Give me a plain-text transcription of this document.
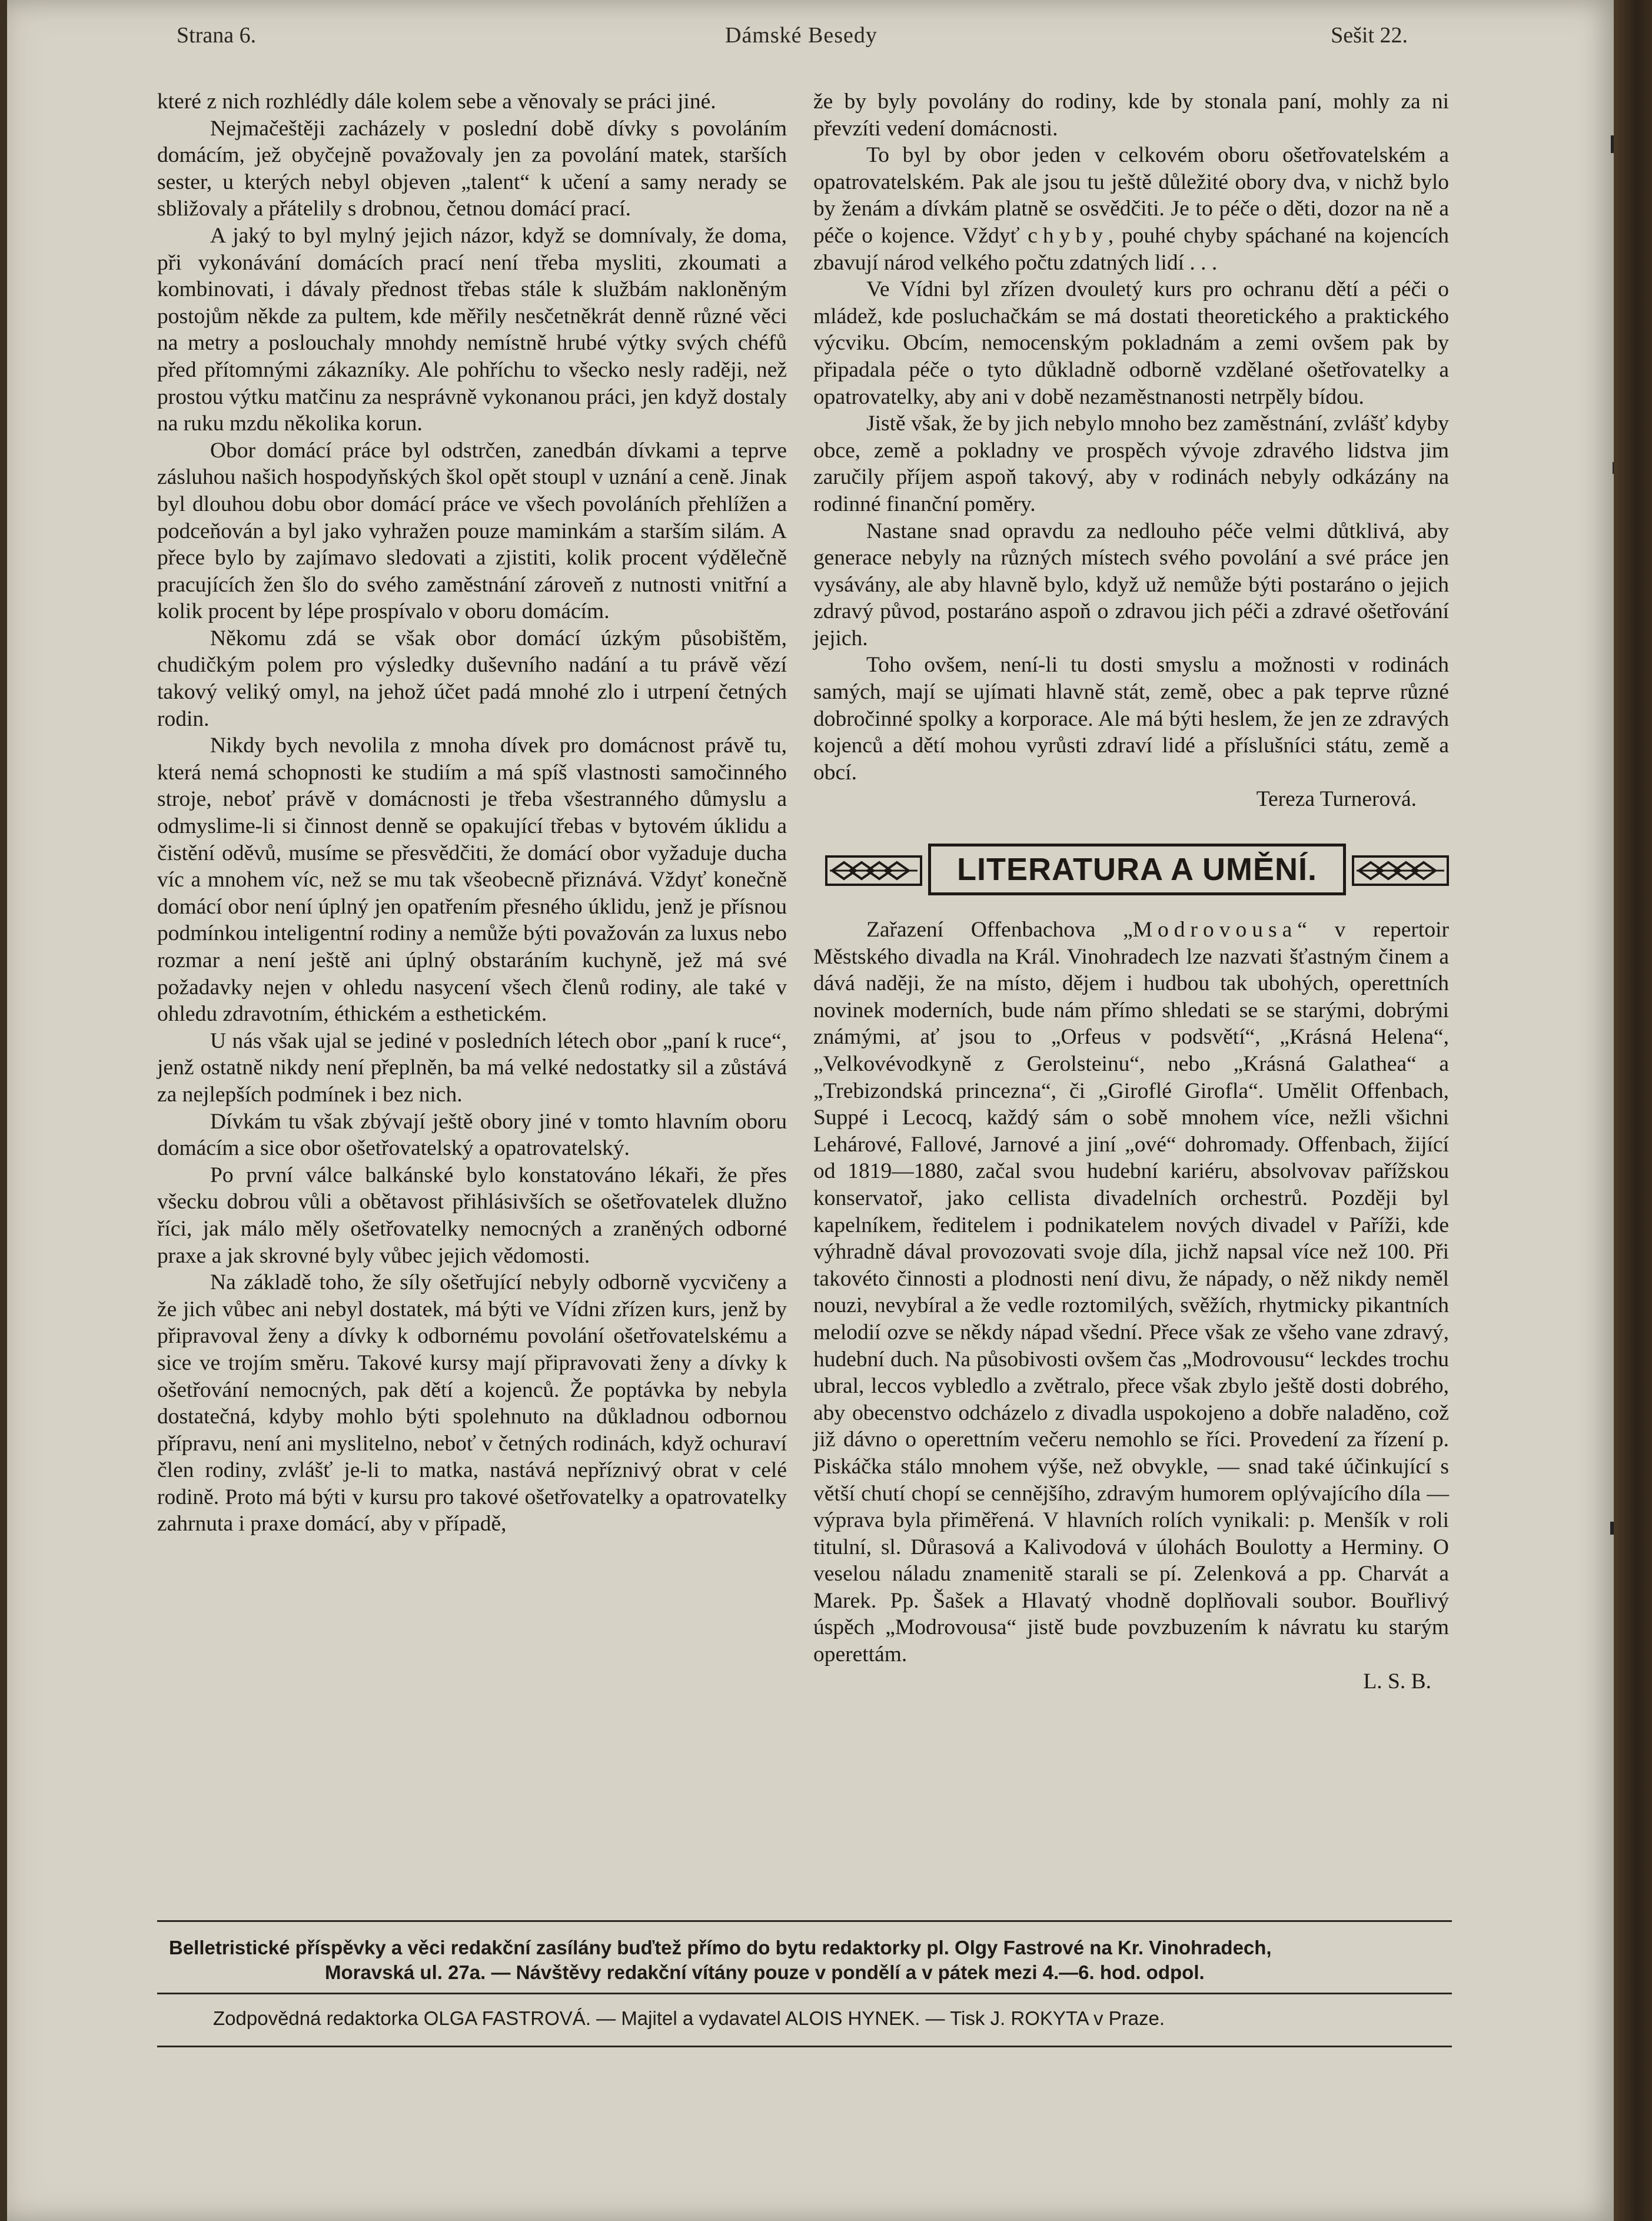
Strana 6.	Dámské Besedy	Sešit 22.

které z nich rozhlédly dále kolem sebe a věnovaly se práci jiné.

Nejmačeštěji zacházely v poslední době dívky s povoláním domácím, jež obyčejně považovaly jen za povolání matek, starších sester, u kterých nebyl objeven „talent“ k učení a samy nerady se sbližovaly a přátelily s drobnou, četnou domácí prací.

A jaký to byl mylný jejich názor, když se domnívaly, že doma, při vykonávání domácích prací není třeba mysliti, zkoumati a kombinovati, i dávaly přednost třebas stále k službám nakloněným postojům někde za pultem, kde měřily nesčetněkrát denně různé věci na metry a poslouchaly mnohdy nemístně hrubé výtky svých chéfů před přítomnými zákazníky. Ale pohříchu to všecko nesly raději, než prostou výtku matčinu za nesprávně vykonanou práci, jen když dostaly na ruku mzdu několika korun.

Obor domácí práce byl odstrčen, zanedbán dívkami a teprve zásluhou našich hospodyňských škol opět stoupl v uznání a ceně. Jinak byl dlouhou dobu obor domácí práce ve všech povoláních přehlížen a podceňován a byl jako vyhražen pouze maminkám a starším silám. A přece bylo by zajímavo sledovati a zjistiti, kolik procent výdělečně pracujících žen šlo do svého zaměstnání zároveň z nutnosti vnitřní a kolik procent by lépe prospívalo v oboru domácím.

Někomu zdá se však obor domácí úzkým působištěm, chudičkým polem pro výsledky duševního nadání a tu právě vězí takový veliký omyl, na jehož účet padá mnohé zlo i utrpení četných rodin.

Nikdy bych nevolila z mnoha dívek pro domácnost právě tu, která nemá schopnosti ke studiím a má spíš vlastnosti samočinného stroje, neboť právě v domácnosti je třeba všestranného důmyslu a odmyslime-li si činnost denně se opakující třebas v bytovém úklidu a čistění oděvů, musíme se přesvědčiti, že domácí obor vyžaduje ducha víc a mnohem víc, než se mu tak všeobecně přiznává. Vždyť konečně domácí obor není úplný jen opatřením přesného úklidu, jenž je přísnou podmínkou inteligentní rodiny a nemůže býti považován za luxus nebo rozmar a není ještě ani úplný obstaráním kuchyně, jež má své požadavky nejen v ohledu nasycení všech členů rodiny, ale také v ohledu zdravotním, éthickém a esthetickém.

U nás však ujal se jediné v posledních létech obor „paní k ruce“, jenž ostatně nikdy není přeplněn, ba má velké nedostatky sil a zůstává za nejlepších podmínek i bez nich.

Dívkám tu však zbývají ještě obory jiné v tomto hlavním oboru domácím a sice obor ošetřovatelský a opatrovatelský.

Po první válce balkánské bylo konstatováno lékaři, že přes všecku dobrou vůli a obětavost přihlásivších se ošetřovatelek dlužno říci, jak málo měly ošetřovatelky nemocných a zraněných odborné praxe a jak skrovné byly vůbec jejich vědomosti.

Na základě toho, že síly ošetřující nebyly odborně vycvičeny a že jich vůbec ani nebyl dostatek, má býti ve Vídni zřízen kurs, jenž by připravoval ženy a dívky k odbornému povolání ošetřovatelskému a sice ve trojím směru. Takové kursy mají připravovati ženy a dívky k ošetřování nemocných, pak dětí a kojenců. Že poptávka by nebyla dostatečná, kdyby mohlo býti spolehnuto na důkladnou odbornou přípravu, není ani myslitelno, neboť v četných rodinách, když ochuraví člen rodiny, zvlášť je-li to matka, nastává nepříznivý obrat v celé rodině. Proto má býti v kursu pro takové ošetřovatelky a opatrovatelky zahrnuta i praxe domácí, aby v případě,

že by byly povolány do rodiny, kde by stonala paní, mohly za ni převzíti vedení domácnosti.

To byl by obor jeden v celkovém oboru ošetřovatelském a opatrovatelském. Pak ale jsou tu ještě důležité obory dva, v nichž bylo by ženám a dívkám platně se osvědčiti. Je to péče o děti, dozor na ně a péče o kojence. Vždyť chyby, pouhé chyby spáchané na kojencích zbavují národ velkého počtu zdatných lidí . . .

Ve Vídni byl zřízen dvouletý kurs pro ochranu dětí a péči o mládež, kde posluchačkám se má dostati theoretického a praktického výcviku. Obcím, nemocenským pokladnám a zemi ovšem pak by připadala péče o tyto důkladně odborně vzdělané ošetřovatelky a opatrovatelky, aby ani v době nezaměstnanosti netrpěly bídou.

Jistě však, že by jich nebylo mnoho bez zaměstnání, zvlášť kdyby obce, země a pokladny ve prospěch vývoje zdravého lidstva jim zaručily příjem aspoň takový, aby v rodinách nebyly odkázány na rodinné finanční poměry.

Nastane snad opravdu za nedlouho péče velmi důtklivá, aby generace nebyly na různých místech svého povolání a své práce jen vysávány, ale aby hlavně bylo, když už nemůže býti postaráno o jejich zdravý původ, postaráno aspoň o zdravou jich péči a zdravé ošetřování jejich.

Toho ovšem, není-li tu dosti smyslu a možnosti v rodinách samých, mají se ujímati hlavně stát, země, obec a pak teprve různé dobročinné spolky a korporace. Ale má býti heslem, že jen ze zdravých kojenců a dětí mohou vyrůsti zdraví lidé a příslušníci státu, země a obcí.

Tereza Turnerová.

LITERATURA A UMĚNÍ.

Zařazení Offenbachova „Modrovousa“ v repertoir Městského divadla na Král. Vinohradech lze nazvati šťastným činem a dává naději, že na místo, dějem i hudbou tak ubohých, operettních novinek moderních, bude nám přímo shledati se se starými, dobrými známými, ať jsou to „Orfeus v podsvětí“, „Krásná Helena“, „Velkovévodkyně z Gerolsteinu“, nebo „Krásná Galathea“ a „Trebizondská princezna“, či „Giroflé Girofla“. Umělit Offenbach, Suppé i Lecocq, každý sám o sobě mnohem více, nežli všichni Lehárové, Fallové, Jarnové a jiní „ové“ dohromady. Offenbach, žijící od 1819—1880, začal svou hudební kariéru, absolvovav pařížskou konservatoř, jako cellista divadelních orchestrů. Později byl kapelníkem, ředitelem i podnikatelem nových divadel v Paříži, kde výhradně dával provozovati svoje díla, jichž napsal více než 100. Při takovéto činnosti a plodnosti není divu, že nápady, o něž nikdy neměl nouzi, nevybíral a že vedle roztomilých, svěžích, rhytmicky pikantních melodií ozve se někdy nápad všední. Přece však ze všeho vane zdravý, hudební duch. Na působivosti ovšem čas „Modrovousu“ leckdes trochu ubral, leccos vybledlo a zvětralo, přece však zbylo ještě dosti dobrého, aby obecenstvo odcházelo z divadla uspokojeno a dobře naladěno, což již dávno o operettním večeru nemohlo se říci. Provedení za řízení p. Piskáčka stálo mnohem výše, než obvykle, — snad také účinkující s větší chutí chopí se cennějšího, zdravým humorem oplývajícího díla — výprava byla přiměřená. V hlavních rolích vynikali: p. Menšík v roli titulní, sl. Důrasová a Kalivodová v úlohách Boulotty a Herminy. O veselou náladu znamenitě starali se pí. Zelenková a pp. Charvát a Marek. Pp. Šašek a Hlavatý vhodně doplňovali soubor. Bouřlivý úspěch „Modrovousa“ jistě bude povzbuzením k návratu ku starým operettám.

L. S. B.

Belletristické příspěvky a věci redakční zasílány buďtež přímo do bytu redaktorky pl. Olgy Fastrové na Kr. Vinohradech,
Moravská ul. 27a. — Návštěvy redakční vítány pouze v pondělí a v pátek mezi 4.—6. hod. odpol.
Zodpovědná redaktorka OLGA FASTROVÁ. — Majitel a vydavatel ALOIS HYNEK. — Tisk J. ROKYTA v Praze.
